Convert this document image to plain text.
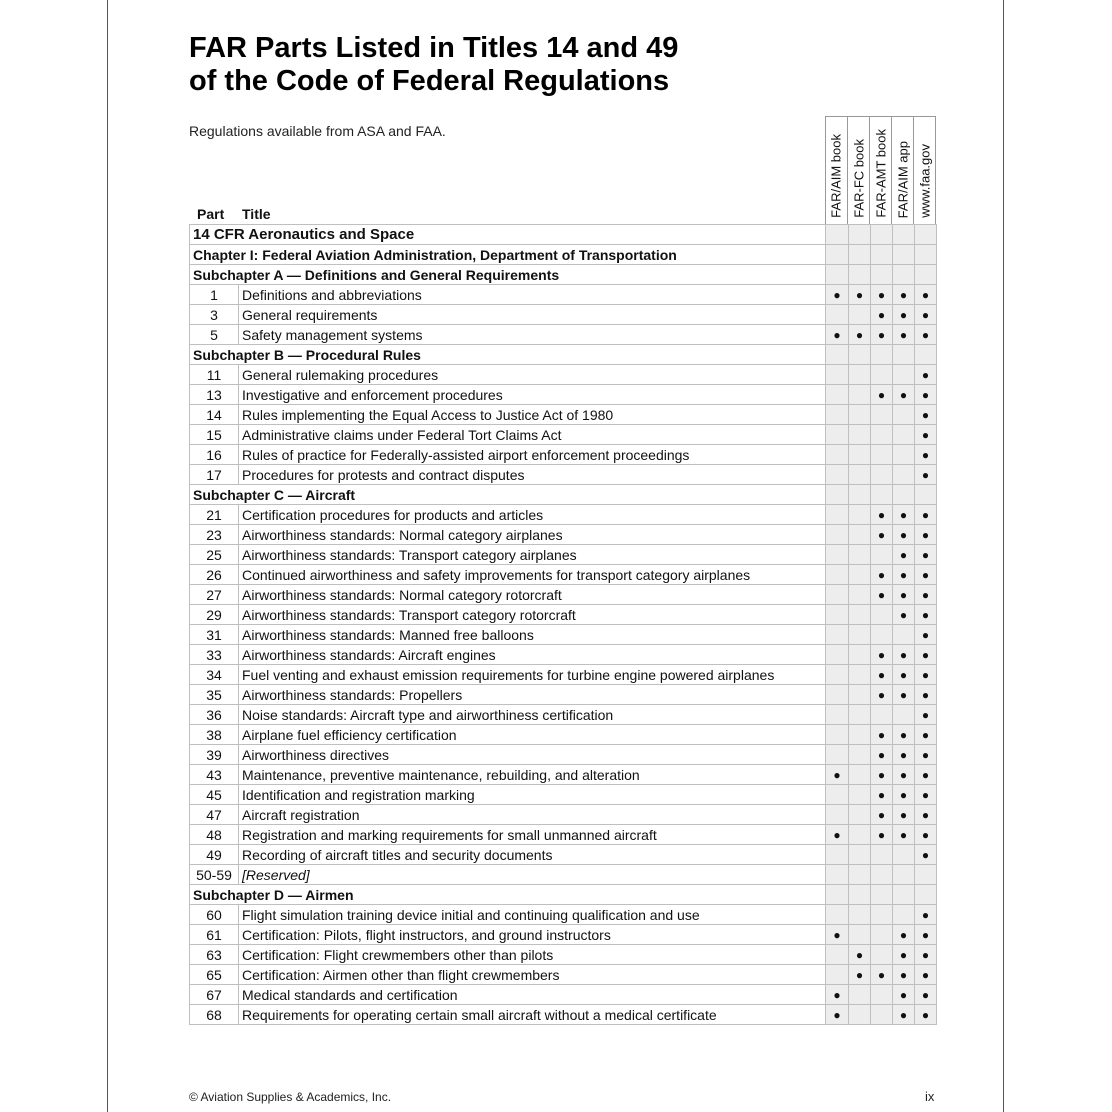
FAR Parts Listed in Titles 14 and 49
of the Code of Federal Regulations
Regulations available from ASA and FAA.
FAR/AIM book FAR-FC book FAR-AMT book FAR/AIM app www.faa.gov
Part Title
14 CFR Aeronautics and Space						
Chapter I: Federal Aviation Administration, Department of Transportation						
Subchapter A — Definitions and General Requirements						
1	Definitions and abbreviations	●	●	●	●	●
3	General requirements			●	●	●
5	Safety management systems	●	●	●	●	●
Subchapter B — Procedural Rules						
11	General rulemaking procedures					●
13	Investigative and enforcement procedures			●	●	●
14	Rules implementing the Equal Access to Justice Act of 1980					●
15	Administrative claims under Federal Tort Claims Act					●
16	Rules of practice for Federally-assisted airport enforcement proceedings					●
17	Procedures for protests and contract disputes					●
Subchapter C — Aircraft						
21	Certification procedures for products and articles			●	●	●
23	Airworthiness standards: Normal category airplanes			●	●	●
25	Airworthiness standards: Transport category airplanes				●	●
26	Continued airworthiness and safety improvements for transport category airplanes			●	●	●
27	Airworthiness standards: Normal category rotorcraft			●	●	●
29	Airworthiness standards: Transport category rotorcraft				●	●
31	Airworthiness standards: Manned free balloons					●
33	Airworthiness standards: Aircraft engines			●	●	●
34	Fuel venting and exhaust emission requirements for turbine engine powered airplanes			●	●	●
35	Airworthiness standards: Propellers			●	●	●
36	Noise standards: Aircraft type and airworthiness certification					●
38	Airplane fuel efficiency certification			●	●	●
39	Airworthiness directives			●	●	●
43	Maintenance, preventive maintenance, rebuilding, and alteration	●		●	●	●
45	Identification and registration marking			●	●	●
47	Aircraft registration			●	●	●
48	Registration and marking requirements for small unmanned aircraft	●		●	●	●
49	Recording of aircraft titles and security documents					●
50-59	[Reserved]					
Subchapter D — Airmen						
60	Flight simulation training device initial and continuing qualification and use					●
61	Certification: Pilots, flight instructors, and ground instructors	●			●	●
63	Certification: Flight crewmembers other than pilots		●		●	●
65	Certification: Airmen other than flight crewmembers		●	●	●	●
67	Medical standards and certification	●			●	●
68	Requirements for operating certain small aircraft without a medical certificate	●			●	●
© Aviation Supplies & Academics, Inc.	ix
